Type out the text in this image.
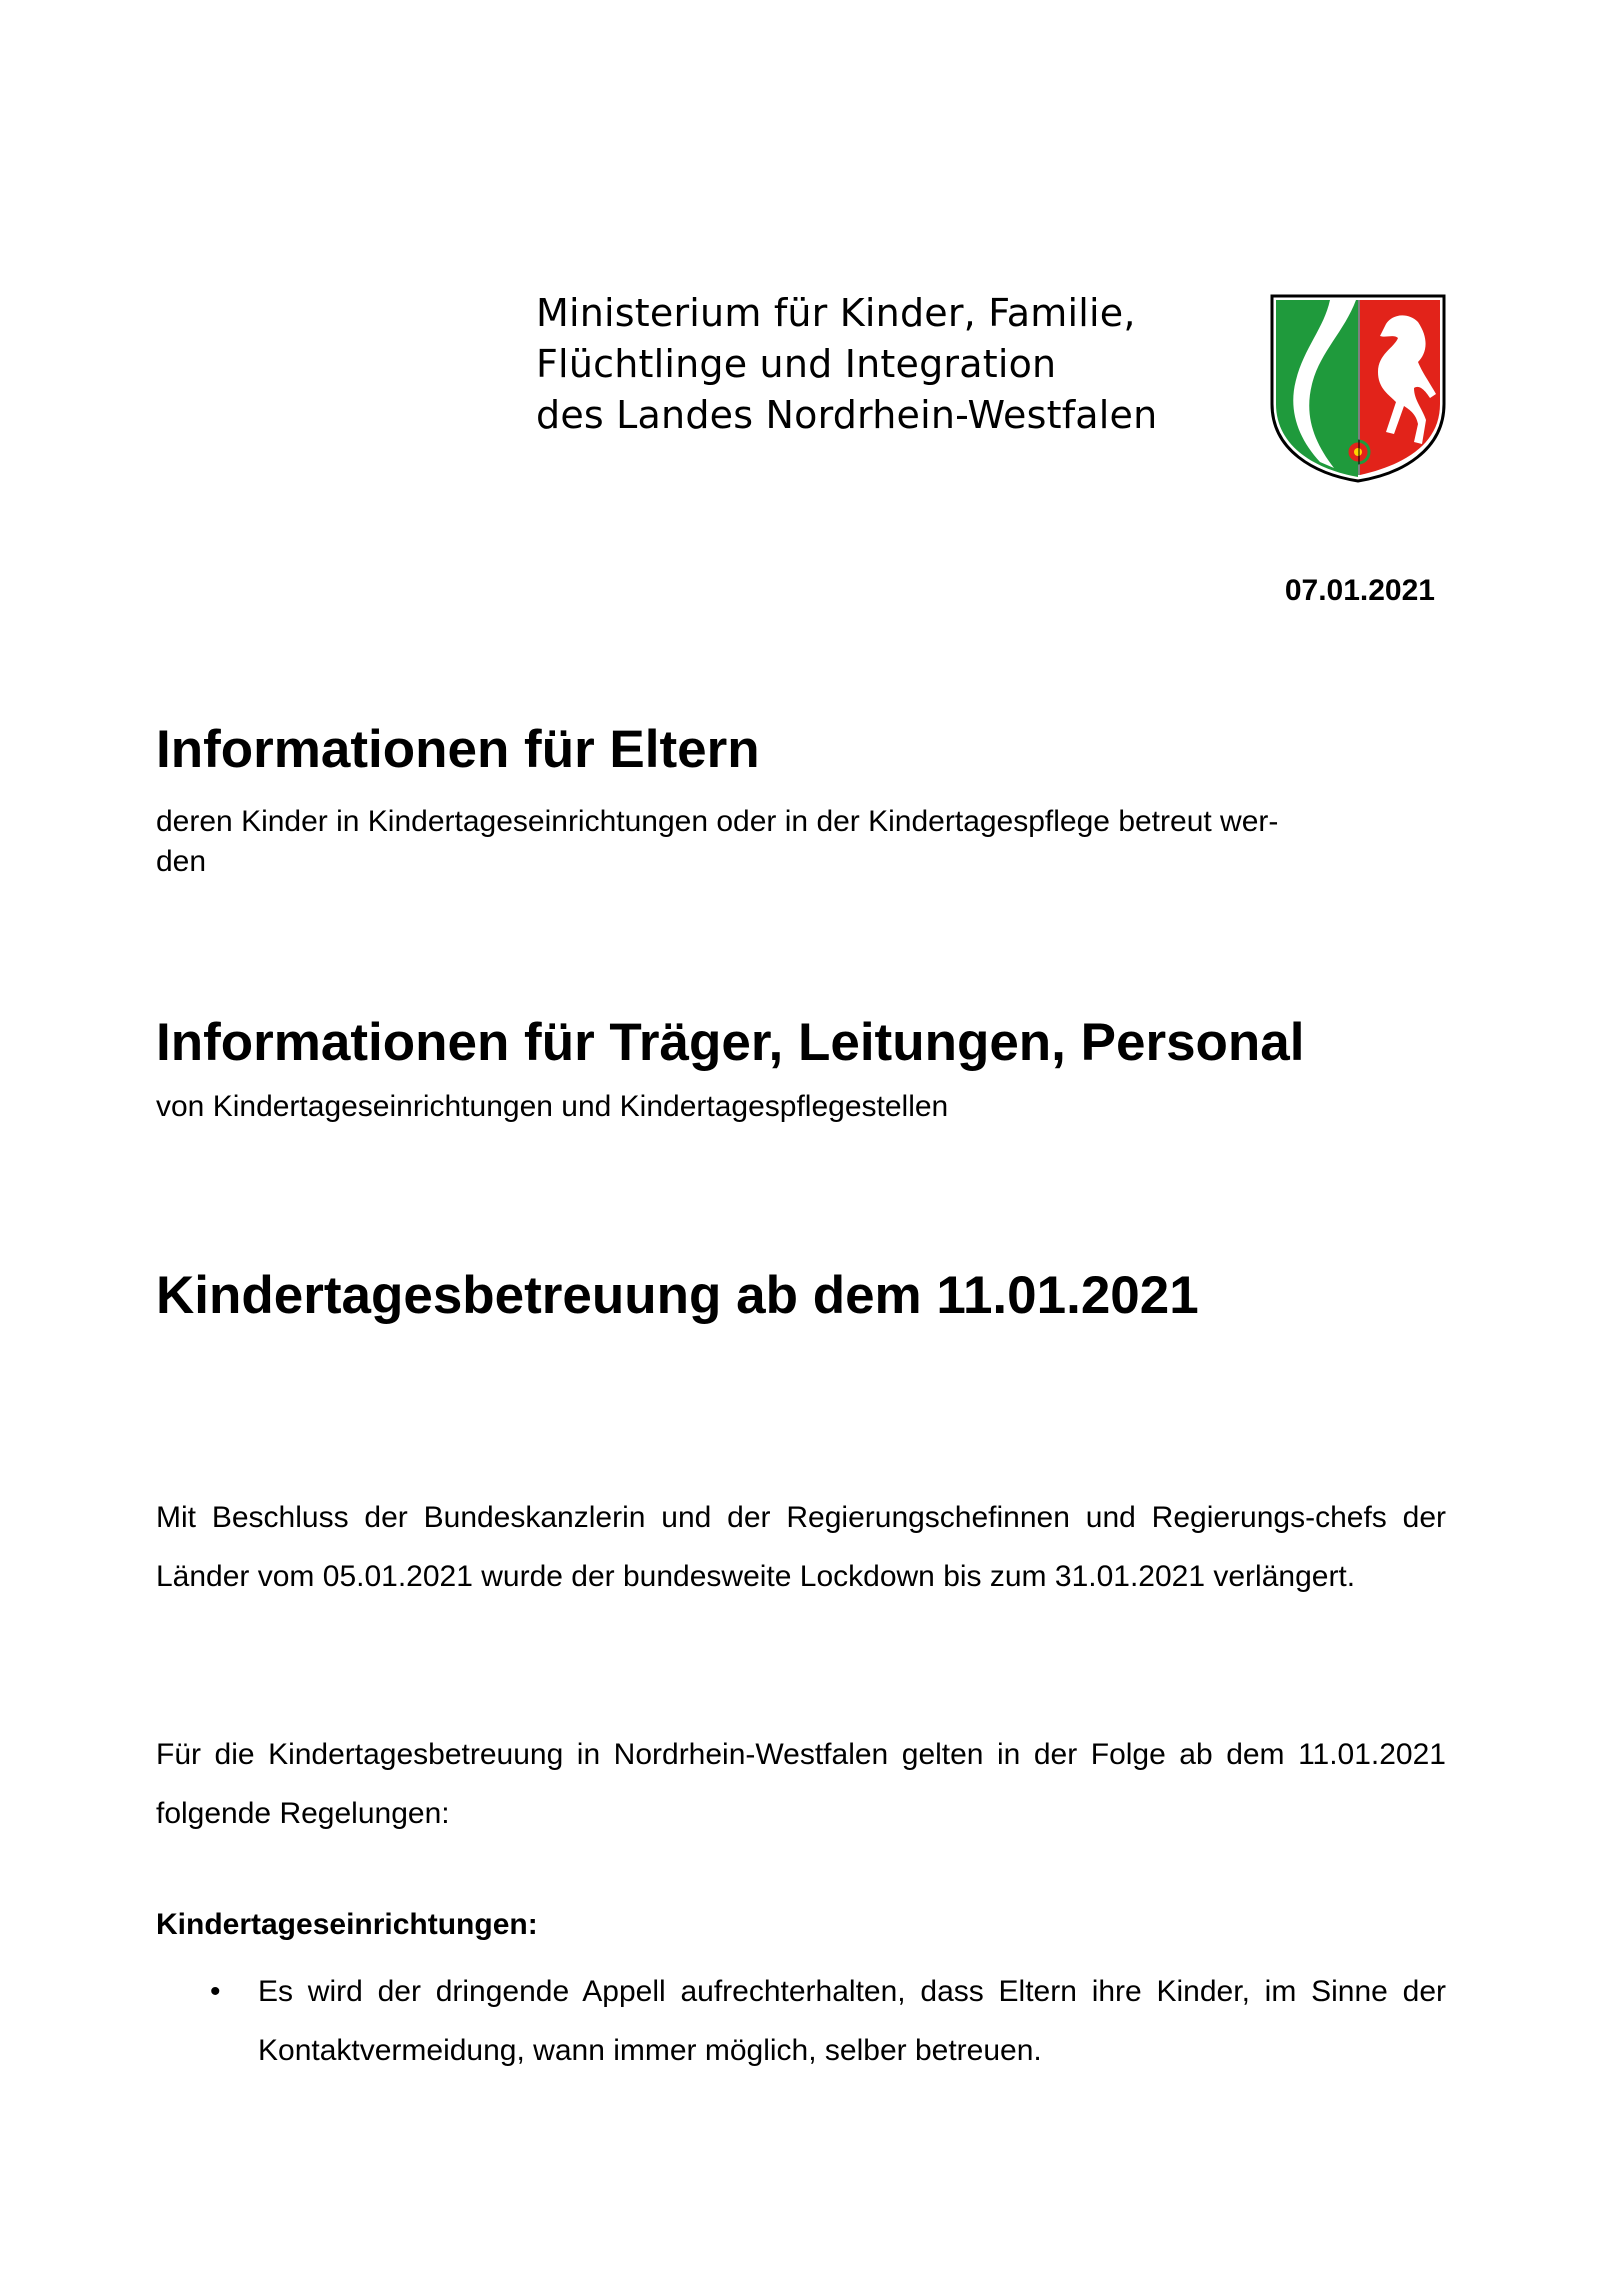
Ministerium für Kinder, Familie,
Flüchtlinge und Integration
des Landes Nordrhein-Westfalen
07.01.2021
Informationen für Eltern

deren Kinder in Kindertageseinrichtungen oder in der Kindertagespflege betreut wer-

den

Informationen für Träger, Leitungen, Personal

von Kindertageseinrichtungen und Kindertagespflegestellen

Kindertagesbetreuung ab dem 11.01.2021

Mit Beschluss der Bundeskanzlerin und der Regierungschefinnen und Regierungs-chefs der Länder vom 05.01.2021 wurde der bundesweite Lockdown bis zum 31.01.2021 verlängert.

Für die Kindertagesbetreuung in Nordrhein-Westfalen gelten in der Folge ab dem 11.01.2021 folgende Regelungen:

Kindertageseinrichtungen:

• Es wird der dringende Appell aufrechterhalten, dass Eltern ihre Kinder, im Sinne der Kontaktvermeidung, wann immer möglich, selber betreuen.
